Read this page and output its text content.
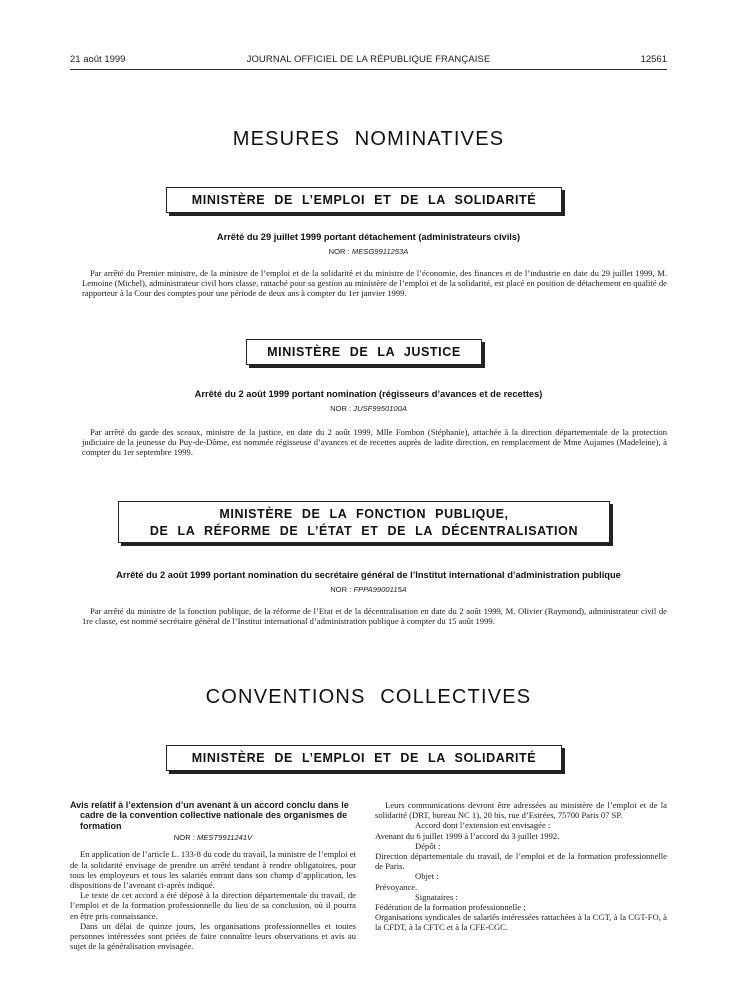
21 août 1999	JOURNAL OFFICIEL DE LA RÉPUBLIQUE FRANÇAISE	12561
MESURES NOMINATIVES
MINISTÈRE DE L’EMPLOI ET DE LA SOLIDARITÉ
Arrêté du 29 juillet 1999 portant détachement (administrateurs civils)
NOR : MESG9911253A
Par arrêté du Premier ministre, de la ministre de l’emploi et de la solidarité et du ministre de l’économie, des finances et de l’industrie en date du 29 juillet 1999, M. Lemoine (Michel), administrateur civil hors classe, rattaché pour sa gestion au ministère de l’emploi et de la solidarité, est placé en position de détachement en qualité de rapporteur à la Cour des comptes pour une période de deux ans à compter du 1er janvier 1999.
MINISTÈRE DE LA JUSTICE
Arrêté du 2 août 1999 portant nomination (régisseurs d’avances et de recettes)
NOR : JUSF9950100A
Par arrêté du garde des sceaux, ministre de la justice, en date du 2 août 1999, Mlle Fombon (Stéphanie), attachée à la direction départementale de la protection judiciaire de la jeunesse du Puy-de-Dôme, est nommée régisseuse d’avances et de recettes auprès de ladite direction, en remplacement de Mme Aujames (Madeleine), à compter du 1er septembre 1999.
MINISTÈRE DE LA FONCTION PUBLIQUE,
DE LA RÉFORME DE L’ÉTAT ET DE LA DÉCENTRALISATION
Arrêté du 2 août 1999 portant nomination du secrétaire général de l’Institut international d’administration publique
NOR : FPPA9900115A
Par arrêté du ministre de la fonction publique, de la réforme de l’Etat et de la décentralisation en date du 2 août 1999, M. Olivier (Raymond), administrateur civil de 1re classe, est nommé secrétaire général de l’Institut international d’administration publique à compter du 15 août 1999.
CONVENTIONS COLLECTIVES
MINISTÈRE DE L’EMPLOI ET DE LA SOLIDARITÉ
Avis relatif à l’extension d’un avenant à un accord conclu dans le cadre de la convention collective nationale des organismes de formation
NOR : MEST9911241V

En application de l’article L. 133-8 du code du travail, la ministre de l’emploi et de la solidarité envisage de prendre un arrêté tendant à rendre obligatoires, pour tous les employeurs et tous les salariés entrant dans son champ d’application, les dispositions de l’avenant ci-après indiqué.

Le texte de cet accord a été déposé à la direction départementale du travail, de l’emploi et de la formation professionnelle du lieu de sa conclusion, où il pourra en être pris connaissance.

Dans un délai de quinze jours, les organisations professionnelles et toutes personnes intéressées sont priées de faire connaître leurs observations et avis au sujet de la généralisation envisagée.

Leurs communications devront être adressées au ministère de l’emploi et de la solidarité (DRT, bureau NC 1), 20 bis, rue d’Estrées, 75700 Paris 07 SP.

Accord dont l’extension est envisagée :

Avenant du 6 juillet 1999 à l’accord du 3 juillet 1992.

Dépôt :

Direction départementale du travail, de l’emploi et de la formation professionnelle de Paris.

Objet :

Prévoyance.

Signataires :

Fédération de la formation professionnelle ;

Organisations syndicales de salariés intéressées rattachées à la CGT, à la CGT-FO, à la CFDT, à la CFTC et à la CFE-CGC.
